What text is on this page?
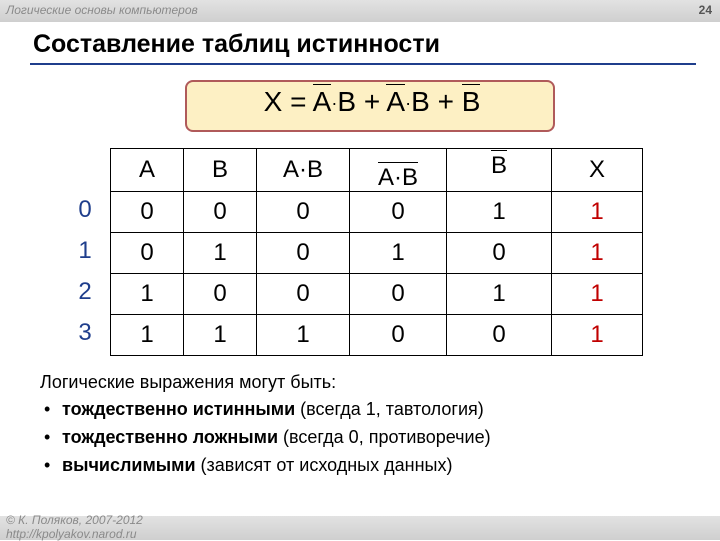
Логические основы компьютеров	24
Составление таблиц истинности
X = A·B + A·B + B
0
1
2
3
A	B	A·B	A·B	B	X
0	0	0	0	1	1
0	1	0	1	0	1
1	0	0	0	1	1
1	1	1	0	0	1

Логические выражения могут быть:

• тождественно истинными (всегда 1, тавтология)
• тождественно ложными (всегда 0, противоречие)
• вычислимыми (зависят от исходных данных)
© К. Поляков, 2007-2012
http://kpolyakov.narod.ru
